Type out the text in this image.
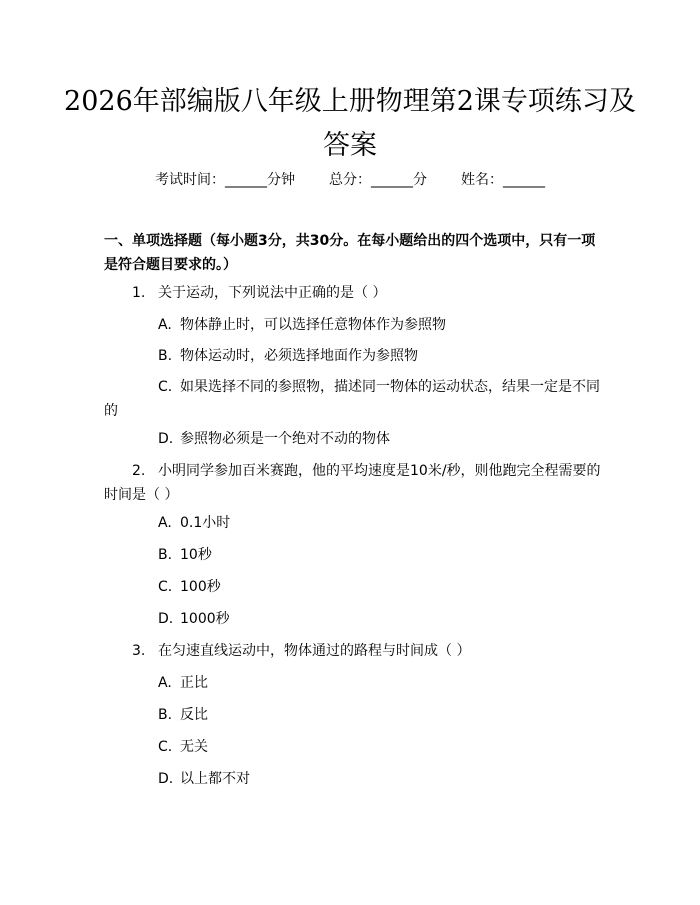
2026年部编版八年级上册物理第2课专项练习及答案
考试时间：______分钟 总分：______分 姓名：______
一、单项选择题（每小题3分，共30分。在每小题给出的四个选项中，只有一项是符合题目要求的。）
1. 关于运动，下列说法中正确的是（ ）
A. 物体静止时，可以选择任意物体作为参照物
B. 物体运动时，必须选择地面作为参照物
C. 如果选择不同的参照物，描述同一物体的运动状态，结果一定是不同的
D. 参照物必须是一个绝对不动的物体
2. 小明同学参加百米赛跑，他的平均速度是10米/秒，则他跑完全程需要的时间是（ ）
A. 0.1小时
B. 10秒
C. 100秒
D. 1000秒
3. 在匀速直线运动中，物体通过的路程与时间成（ ）
A. 正比
B. 反比
C. 无关
D. 以上都不对
